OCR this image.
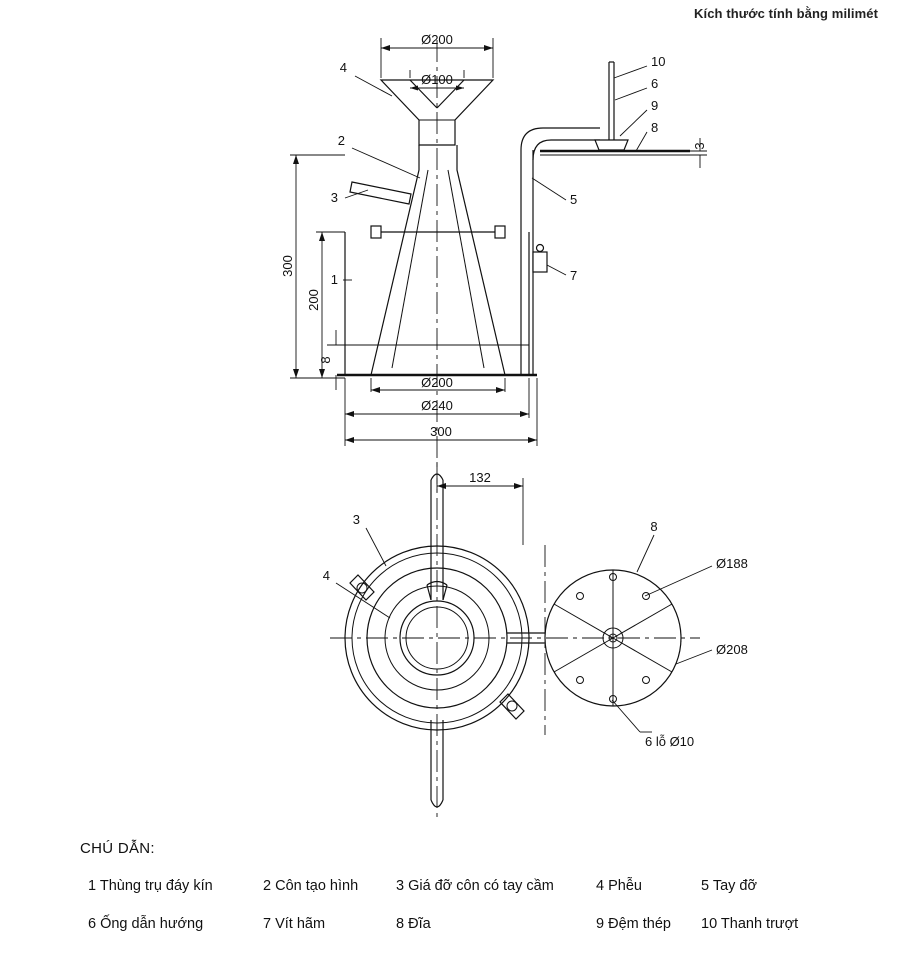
Kích thước tính bằng milimét
3
Ø200
Ø100
300
200
8
Ø200
Ø240
300
4
2
3
1
5
7
10
6
9
8
132
Ø188
Ø208
6 lỗ Ø10
3
4
8
CHÚ DẪN:
1 Thùng trụ đáy kín	2 Côn tạo hình	3 Giá đỡ côn có tay cầm	4 Phễu	5 Tay đỡ
6 Ống dẫn hướng	7 Vít hãm	8 Đĩa	9 Đệm thép	10 Thanh trượt
